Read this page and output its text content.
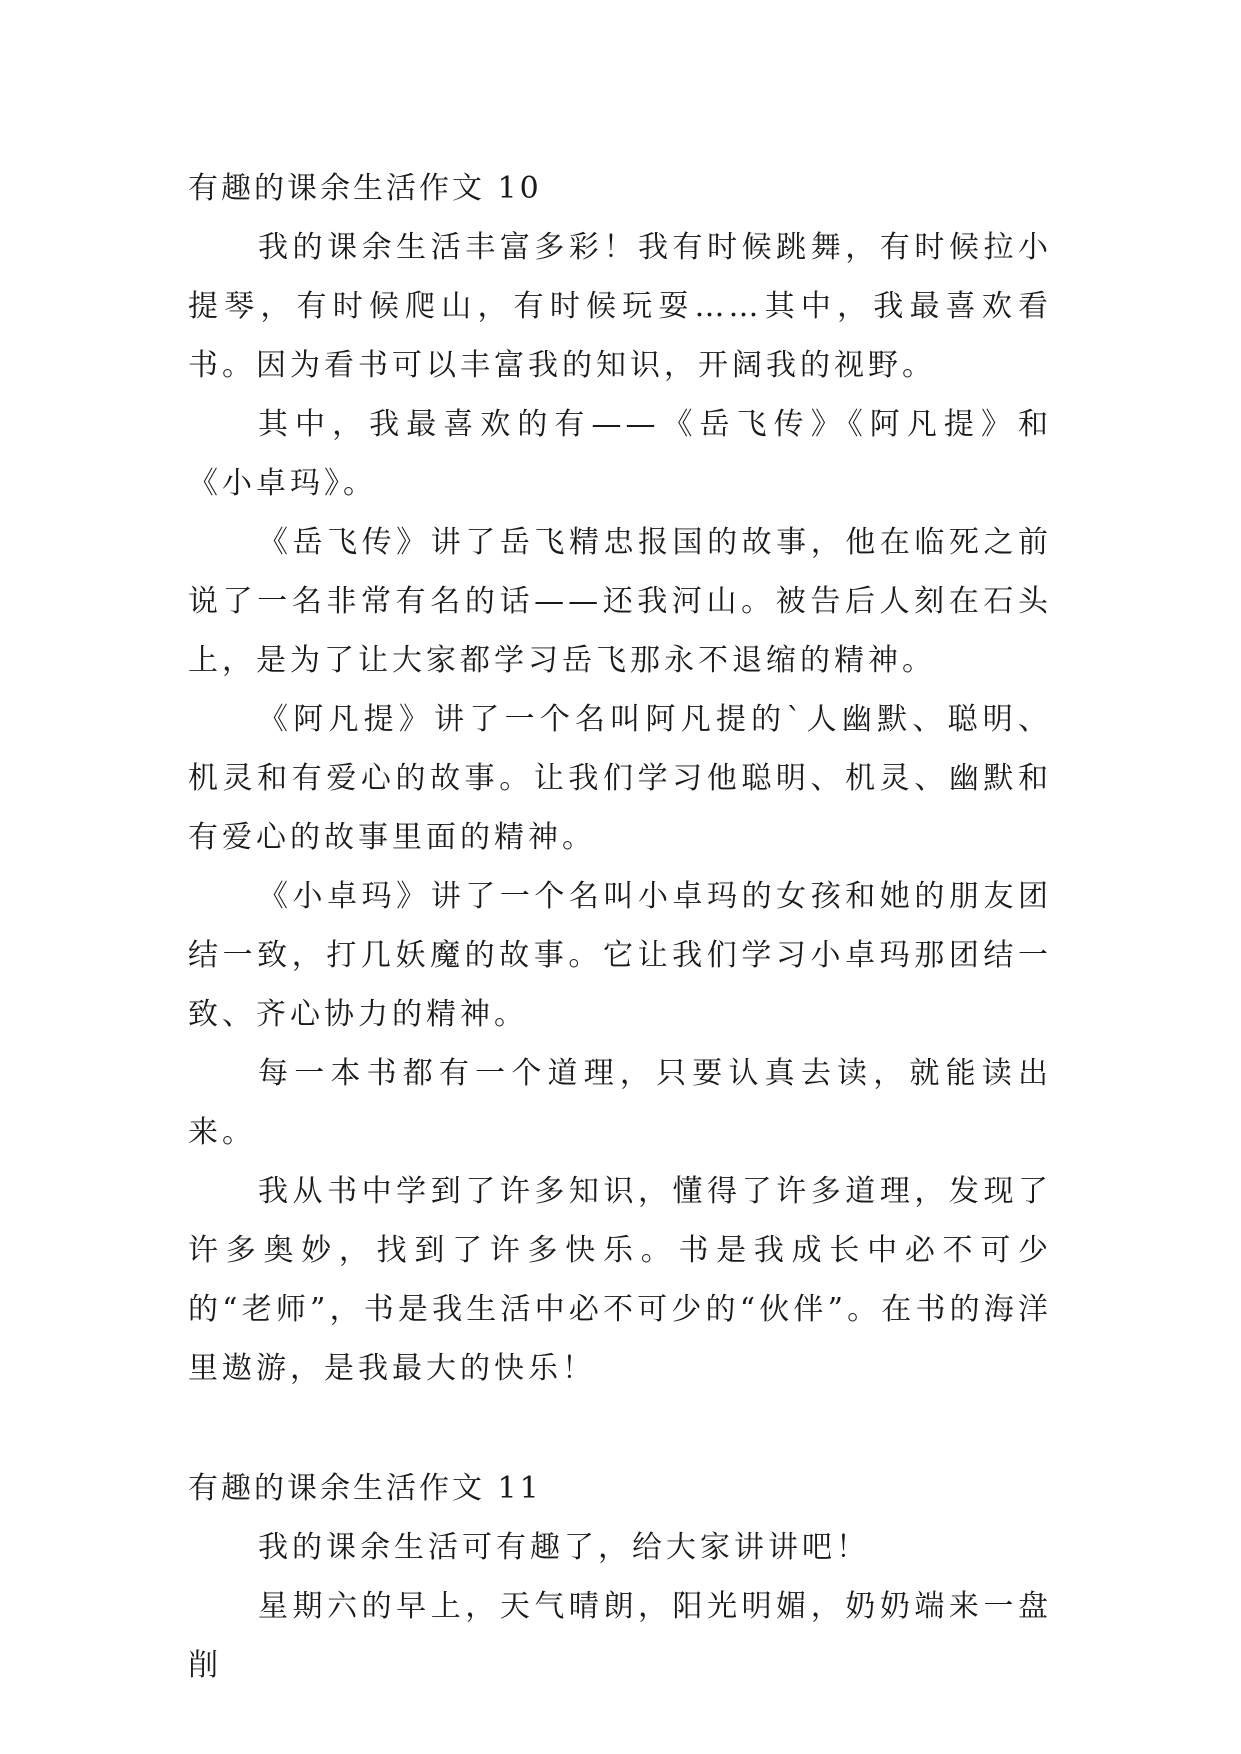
有趣的课余生活作文 10

我的课余生活丰富多彩！我有时候跳舞，有时候拉小提琴，有时候爬山，有时候玩耍……其中，我最喜欢看书。因为看书可以丰富我的知识，开阔我的视野。

其中，我最喜欢的有——《岳飞传》《阿凡提》和《小卓玛》。

《岳飞传》讲了岳飞精忠报国的故事，他在临死之前说了一名非常有名的话——还我河山。被告后人刻在石头上，是为了让大家都学习岳飞那永不退缩的精神。

《阿凡提》讲了一个名叫阿凡提的`人幽默、聪明、机灵和有爱心的故事。让我们学习他聪明、机灵、幽默和有爱心的故事里面的精神。

《小卓玛》讲了一个名叫小卓玛的女孩和她的朋友团结一致，打几妖魔的故事。它让我们学习小卓玛那团结一致、齐心协力的精神。

每一本书都有一个道理，只要认真去读，就能读出来。

我从书中学到了许多知识，懂得了许多道理，发现了许多奥妙，找到了许多快乐。书是我成长中必不可少的“老师”，书是我生活中必不可少的“伙伴”。在书的海洋里遨游，是我最大的快乐！

有趣的课余生活作文 11

我的课余生活可有趣了，给大家讲讲吧！

星期六的早上，天气晴朗，阳光明媚，奶奶端来一盘削
